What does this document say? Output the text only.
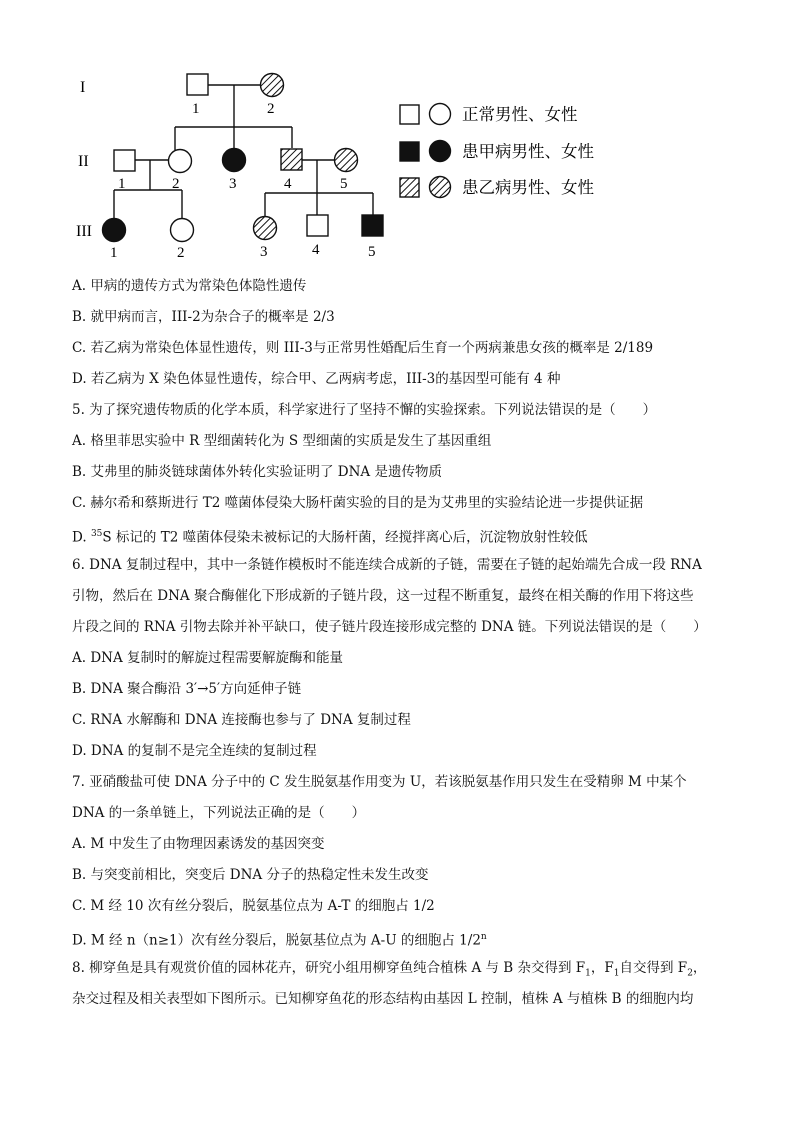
I
II
III
1	2
1	2	3	4	5
1	2	3	4	5
正常男性、女性
患甲病男性、女性
患乙病男性、女性
A. 甲病的遗传方式为常染色体隐性遗传
B. 就甲病而言，III-2为杂合子的概率是 2/3
C. 若乙病为常染色体显性遗传，则 III-3与正常男性婚配后生育一个两病兼患女孩的概率是 2/189
D. 若乙病为 X 染色体显性遗传，综合甲、乙两病考虑，III-3的基因型可能有 4 种
5. 为了探究遗传物质的化学本质，科学家进行了坚持不懈的实验探索。下列说法错误的是（　　）
A. 格里菲思实验中 R 型细菌转化为 S 型细菌的实质是发生了基因重组
B. 艾弗里的肺炎链球菌体外转化实验证明了 DNA 是遗传物质
C. 赫尔希和蔡斯进行 T2 噬菌体侵染大肠杆菌实验的目的是为艾弗里的实验结论进一步提供证据
D. $^{35}$S 标记的 T2 噬菌体侵染未被标记的大肠杆菌，经搅拌离心后，沉淀物放射性较低
6. DNA 复制过程中，其中一条链作模板时不能连续合成新的子链，需要在子链的起始端先合成一段 RNA
引物，然后在 DNA 聚合酶催化下形成新的子链片段，这一过程不断重复，最终在相关酶的作用下将这些
片段之间的 RNA 引物去除并补平缺口，使子链片段连接形成完整的 DNA 链。下列说法错误的是（　　）
A. DNA 复制时的解旋过程需要解旋酶和能量
B. DNA 聚合酶沿 3′→5′方向延伸子链
C. RNA 水解酶和 DNA 连接酶也参与了 DNA 复制过程
D. DNA 的复制不是完全连续的复制过程
7. 亚硝酸盐可使 DNA 分子中的 C 发生脱氨基作用变为 U，若该脱氨基作用只发生在受精卵 M 中某个
DNA 的一条单链上，下列说法正确的是（　　）
A. M 中发生了由物理因素诱发的基因突变
B. 与突变前相比，突变后 DNA 分子的热稳定性未发生改变
C. M 经 10 次有丝分裂后，脱氨基位点为 A-T 的细胞占 1/2
D. M 经 n（n≥1）次有丝分裂后，脱氨基位点为 A-U 的细胞占 1/2$^n$
8. 柳穿鱼是具有观赏价值的园林花卉，研究小组用柳穿鱼纯合植株 A 与 B 杂交得到 $F_1$，$F_1$自交得到 $F_2$，
杂交过程及相关表型如下图所示。已知柳穿鱼花的形态结构由基因 L 控制，植株 A 与植株 B 的细胞内均
